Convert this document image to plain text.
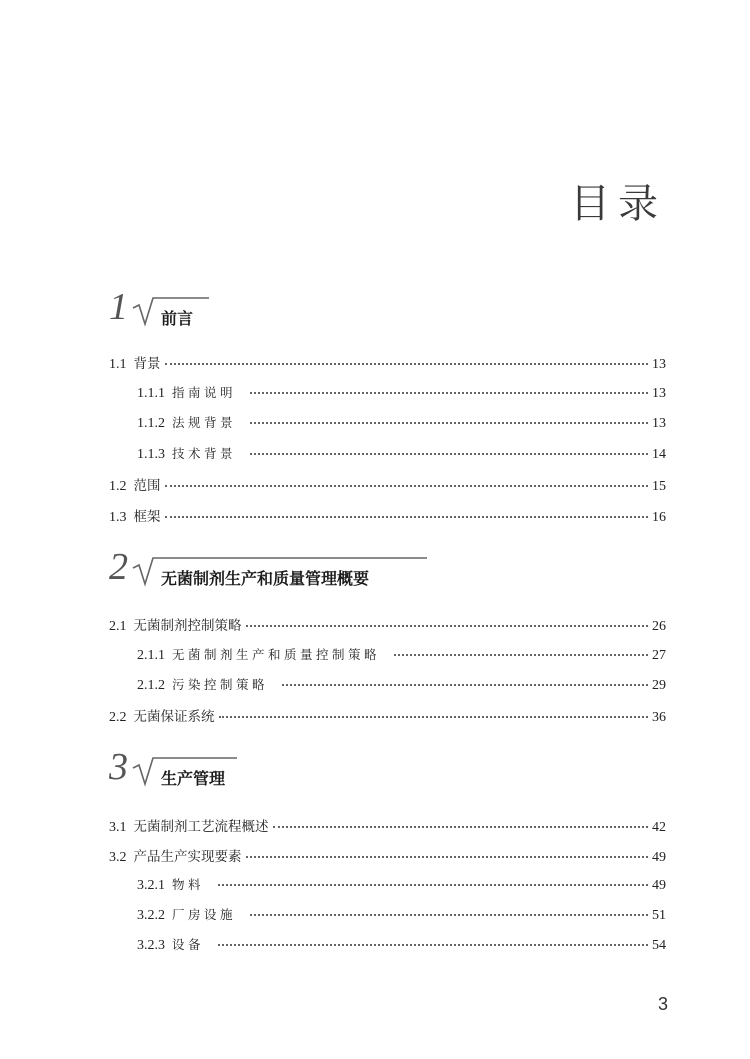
目录
1 前言
1.1 背景	13
1.1.1 指南说明	13
1.1.2 法规背景	13
1.1.3 技术背景	14
1.2 范围	15
1.3 框架	16
2 无菌制剂生产和质量管理概要
2.1 无菌制剂控制策略	26
2.1.1 无菌制剂生产和质量控制策略	27
2.1.2 污染控制策略	29
2.2 无菌保证系统	36
3 生产管理
3.1 无菌制剂工艺流程概述	42
3.2 产品生产实现要素	49
3.2.1 物料	49
3.2.2 厂房设施	51
3.2.3 设备	54
3
